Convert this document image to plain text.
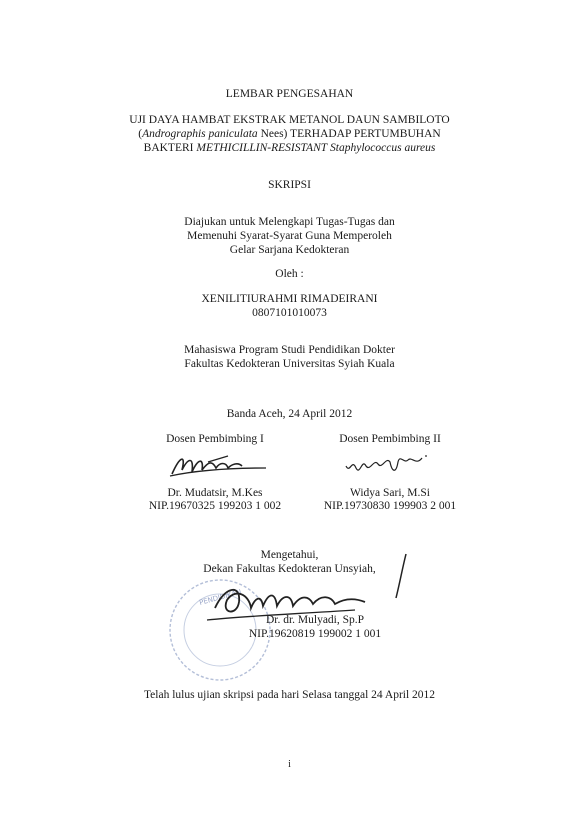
LEMBAR PENGESAHAN
UJI DAYA HAMBAT EKSTRAK METANOL DAUN SAMBILOTO
(Andrographis paniculata Nees) TERHADAP PERTUMBUHAN
BAKTERI METHICILLIN-RESISTANT Staphylococcus aureus
SKRIPSI
Diajukan untuk Melengkapi Tugas-Tugas dan
Memenuhi Syarat-Syarat Guna Memperoleh
Gelar Sarjana Kedokteran
Oleh :
XENILITIURAHMI RIMADEIRANI
0807101010073
Mahasiswa Program Studi Pendidikan Dokter
Fakultas Kedokteran Universitas Syiah Kuala
Banda Aceh, 24 April 2012
Dosen Pembimbing I
Dr. Mudatsir, M.Kes
NIP.19670325 199203 1 002
Dosen Pembimbing II
Widya Sari, M.Si
NIP.19730830 199903 2 001
PENDIDIKAN
Mengetahui,
Dekan Fakultas Kedokteran Unsyiah,
Dr. dr. Mulyadi, Sp.P
NIP.19620819 199002 1 001
Telah lulus ujian skripsi pada hari Selasa tanggal 24 April 2012
i
